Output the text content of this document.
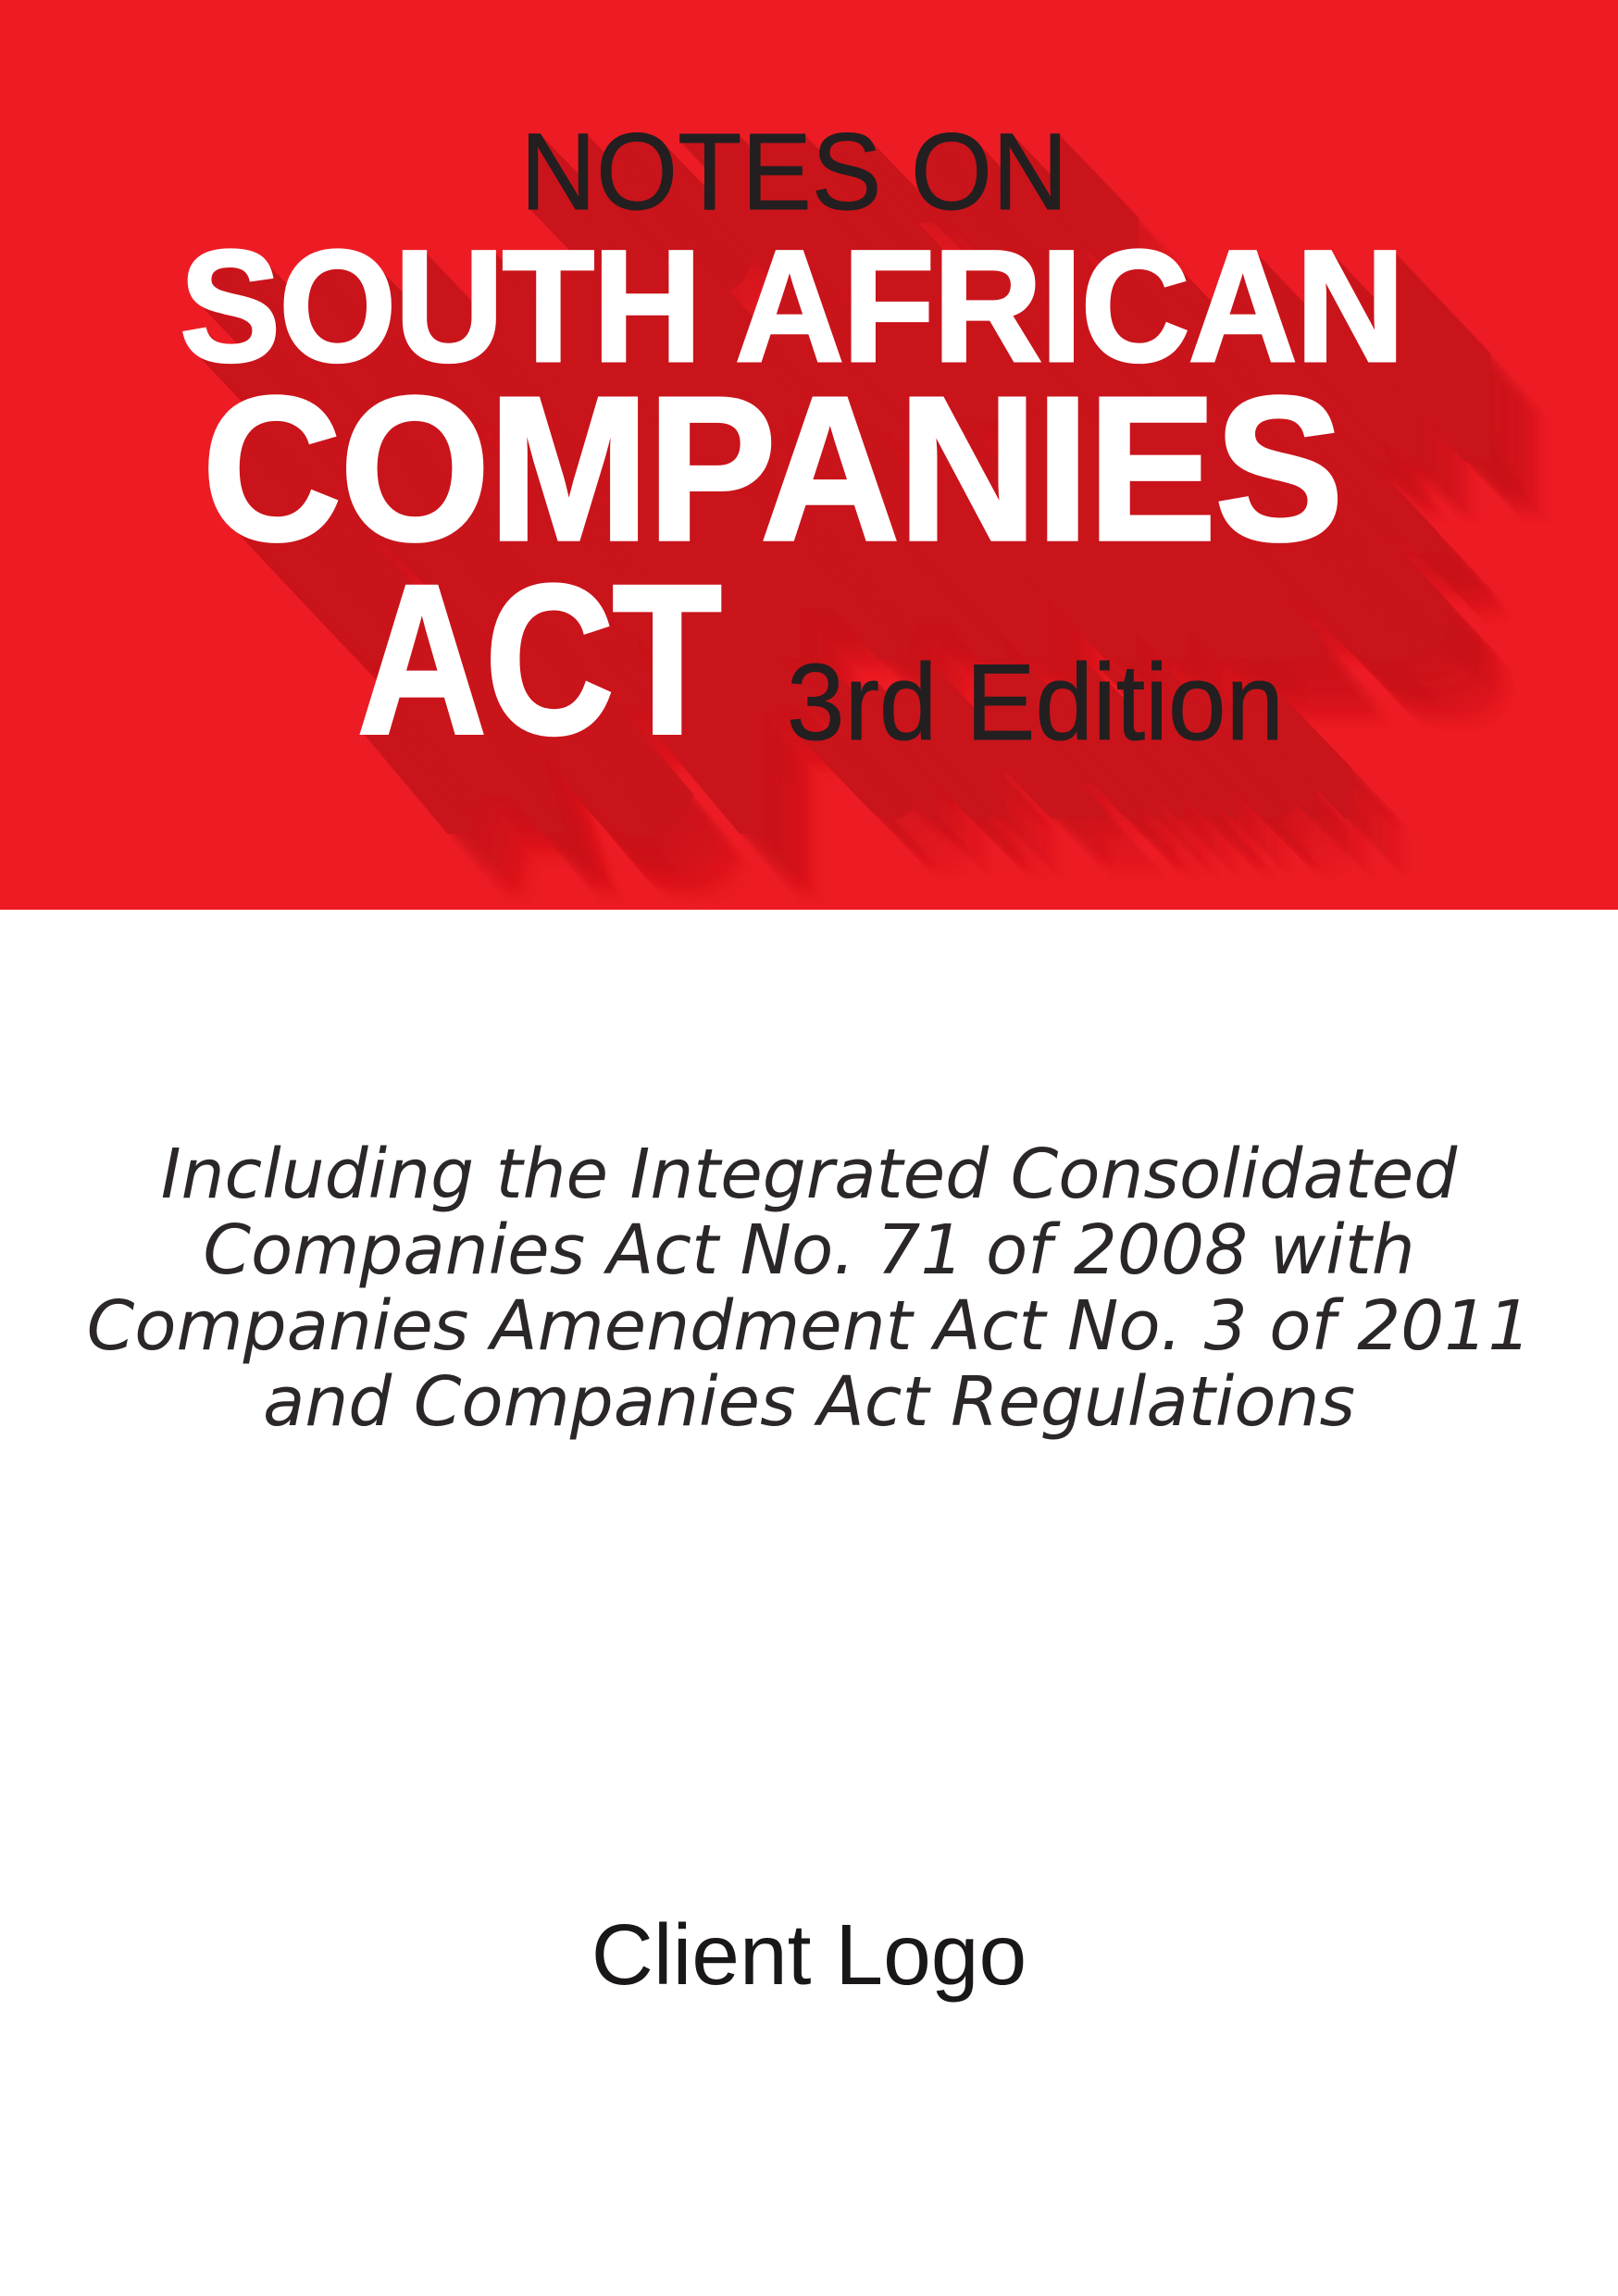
NOTES ON
SOUTH AFRICAN
COMPANIES
ACT 3rd Edition
Including the Integrated Consolidated
Companies Act No. 71 of 2008 with
Companies Amendment Act No. 3 of 2011
and Companies Act Regulations
Client Logo
